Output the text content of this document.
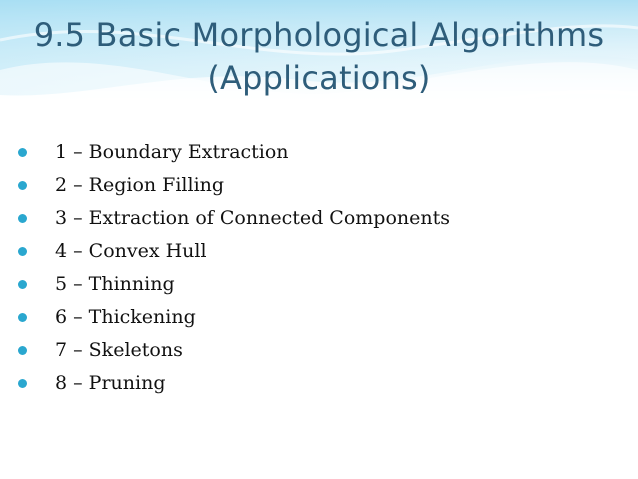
9.5 Basic Morphological Algorithms
(Applications)
1 – Boundary Extraction
2 – Region Filling
3 – Extraction of Connected Components
4 – Convex Hull
5 – Thinning
6 – Thickening
7 – Skeletons
8 – Pruning
